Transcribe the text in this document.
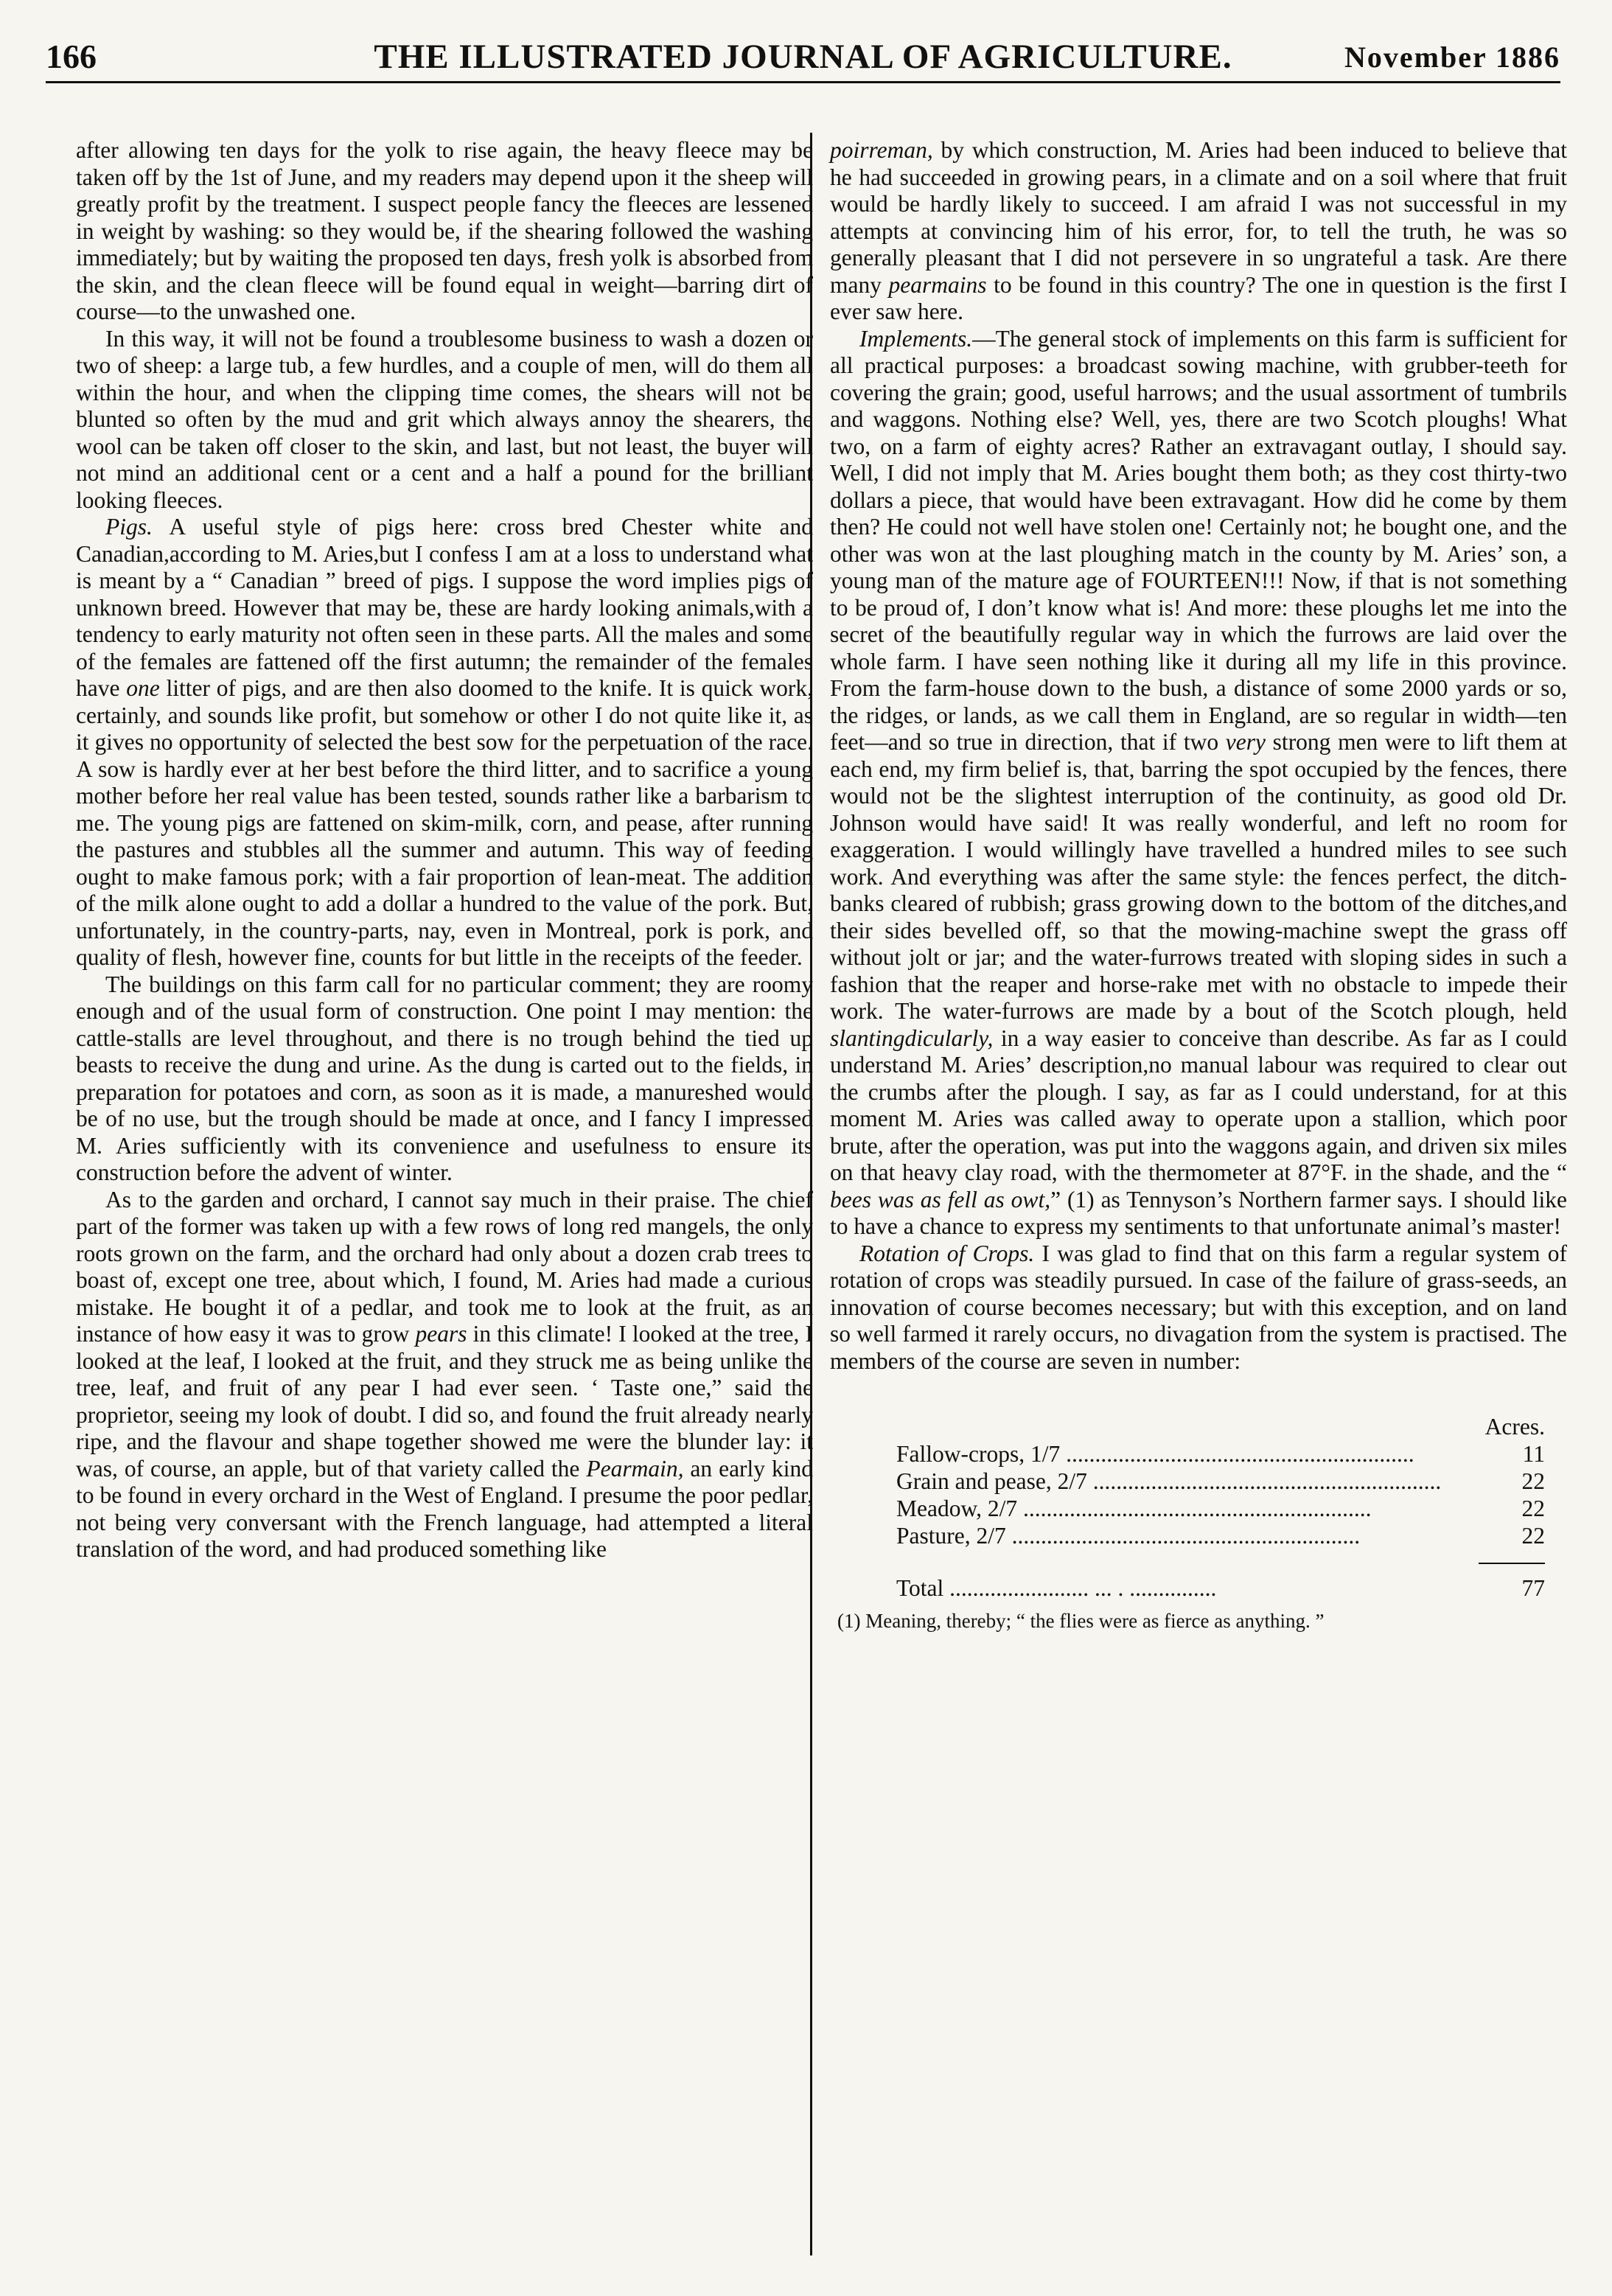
166	THE ILLUSTRATED JOURNAL OF AGRICULTURE.	November 1886

after allowing ten days for the yolk to rise again, the heavy fleece may be taken off by the 1st of June, and my readers may depend upon it the sheep will greatly profit by the treatment. I suspect people fancy the fleeces are lessened in weight by washing: so they would be, if the shearing followed the washing immediately; but by waiting the proposed ten days, fresh yolk is absorbed from the skin, and the clean fleece will be found equal in weight—barring dirt of course—to the unwashed one.

In this way, it will not be found a troublesome business to wash a dozen or two of sheep: a large tub, a few hurdles, and a couple of men, will do them all within the hour, and when the clipping time comes, the shears will not be blunted so often by the mud and grit which always annoy the shearers, the wool can be taken off closer to the skin, and last, but not least, the buyer will not mind an additional cent or a cent and a half a pound for the brilliant looking fleeces.

Pigs. A useful style of pigs here: cross bred Chester white and Canadian,according to M. Aries,but I confess I am at a loss to understand what is meant by a “ Canadian ” breed of pigs. I suppose the word implies pigs of unknown breed. However that may be, these are hardy looking animals,with a tendency to early maturity not often seen in these parts. All the males and some of the females are fattened off the first autumn; the remainder of the females have one litter of pigs, and are then also doomed to the knife. It is quick work, certainly, and sounds like profit, but somehow or other I do not quite like it, as it gives no opportunity of selected the best sow for the perpetuation of the race. A sow is hardly ever at her best before the third litter, and to sacrifice a young mother before her real value has been tested, sounds rather like a barbarism to me. The young pigs are fattened on skim-milk, corn, and pease, after running the pastures and stubbles all the summer and autumn. This way of feeding ought to make famous pork; with a fair proportion of lean-meat. The addition of the milk alone ought to add a dollar a hundred to the value of the pork. But, unfortunately, in the country-parts, nay, even in Montreal, pork is pork, and quality of flesh, however fine, counts for but little in the receipts of the feeder.

The buildings on this farm call for no particular comment; they are roomy enough and of the usual form of construction. One point I may mention: the cattle-stalls are level throughout, and there is no trough behind the tied up beasts to receive the dung and urine. As the dung is carted out to the fields, in preparation for potatoes and corn, as soon as it is made, a manureshed would be of no use, but the trough should be made at once, and I fancy I impressed M. Aries sufficiently with its convenience and usefulness to ensure its construction before the advent of winter.

As to the garden and orchard, I cannot say much in their praise. The chief part of the former was taken up with a few rows of long red mangels, the only roots grown on the farm, and the orchard had only about a dozen crab trees to boast of, except one tree, about which, I found, M. Aries had made a curious mistake. He bought it of a pedlar, and took me to look at the fruit, as an instance of how easy it was to grow pears in this climate! I looked at the tree, I looked at the leaf, I looked at the fruit, and they struck me as being unlike the tree, leaf, and fruit of any pear I had ever seen. ‘ Taste one,” said the proprietor, seeing my look of doubt. I did so, and found the fruit already nearly ripe, and the flavour and shape together showed me were the blunder lay: it was, of course, an apple, but of that variety called the Pearmain, an early kind to be found in every orchard in the West of England. I presume the poor pedlar, not being very conversant with the French language, had attempted a literal translation of the word, and had produced something like

poirreman, by which construction, M. Aries had been induced to believe that he had succeeded in growing pears, in a climate and on a soil where that fruit would be hardly likely to succeed. I am afraid I was not successful in my attempts at convincing him of his error, for, to tell the truth, he was so generally pleasant that I did not persevere in so ungrateful a task. Are there many pearmains to be found in this country? The one in question is the first I ever saw here.

Implements.—The general stock of implements on this farm is sufficient for all practical purposes: a broadcast sowing machine, with grubber-teeth for covering the grain; good, useful harrows; and the usual assortment of tumbrils and waggons. Nothing else? Well, yes, there are two Scotch ploughs! What two, on a farm of eighty acres? Rather an extravagant outlay, I should say. Well, I did not imply that M. Aries bought them both; as they cost thirty-two dollars a piece, that would have been extravagant. How did he come by them then? He could not well have stolen one! Certainly not; he bought one, and the other was won at the last ploughing match in the county by M. Aries’ son, a young man of the mature age of FOURTEEN!!! Now, if that is not something to be proud of, I don’t know what is! And more: these ploughs let me into the secret of the beautifully regular way in which the furrows are laid over the whole farm. I have seen nothing like it during all my life in this province. From the farm-house down to the bush, a distance of some 2000 yards or so, the ridges, or lands, as we call them in England, are so regular in width—ten feet—and so true in direction, that if two very strong men were to lift them at each end, my firm belief is, that, barring the spot occupied by the fences, there would not be the slightest interruption of the continuity, as good old Dr. Johnson would have said! It was really wonderful, and left no room for exaggeration. I would willingly have travelled a hundred miles to see such work. And everything was after the same style: the fences perfect, the ditch-banks cleared of rubbish; grass growing down to the bottom of the ditches,and their sides bevelled off, so that the mowing-machine swept the grass off without jolt or jar; and the water-furrows treated with sloping sides in such a fashion that the reaper and horse-rake met with no obstacle to impede their work. The water-furrows are made by a bout of the Scotch plough, held slantingdicularly, in a way easier to conceive than describe. As far as I could understand M. Aries’ description,no manual labour was required to clear out the crumbs after the plough. I say, as far as I could understand, for at this moment M. Aries was called away to operate upon a stallion, which poor brute, after the operation, was put into the waggons again, and driven six miles on that heavy clay road, with the thermometer at 87°F. in the shade, and the “ bees was as fell as owt,” (1) as Tennyson’s Northern farmer says. I should like to have a chance to express my sentiments to that unfortunate animal’s master!

Rotation of Crops. I was glad to find that on this farm a regular system of rotation of crops was steadily pursued. In case of the failure of grass-seeds, an innovation of course becomes necessary; but with this exception, and on land so well farmed it rarely occurs, no divagation from the system is practised. The members of the course are seven in number:

Acres.
Fallow-crops, 1/7 ............................................................	11
Grain and pease, 2/7 ............................................................	22
Meadow, 2/7 ............................................................	22
Pasture, 2/7 ............................................................	22
Total ........................ ... . ...............	77
(1) Meaning, thereby; “ the flies were as fierce as anything. ”
